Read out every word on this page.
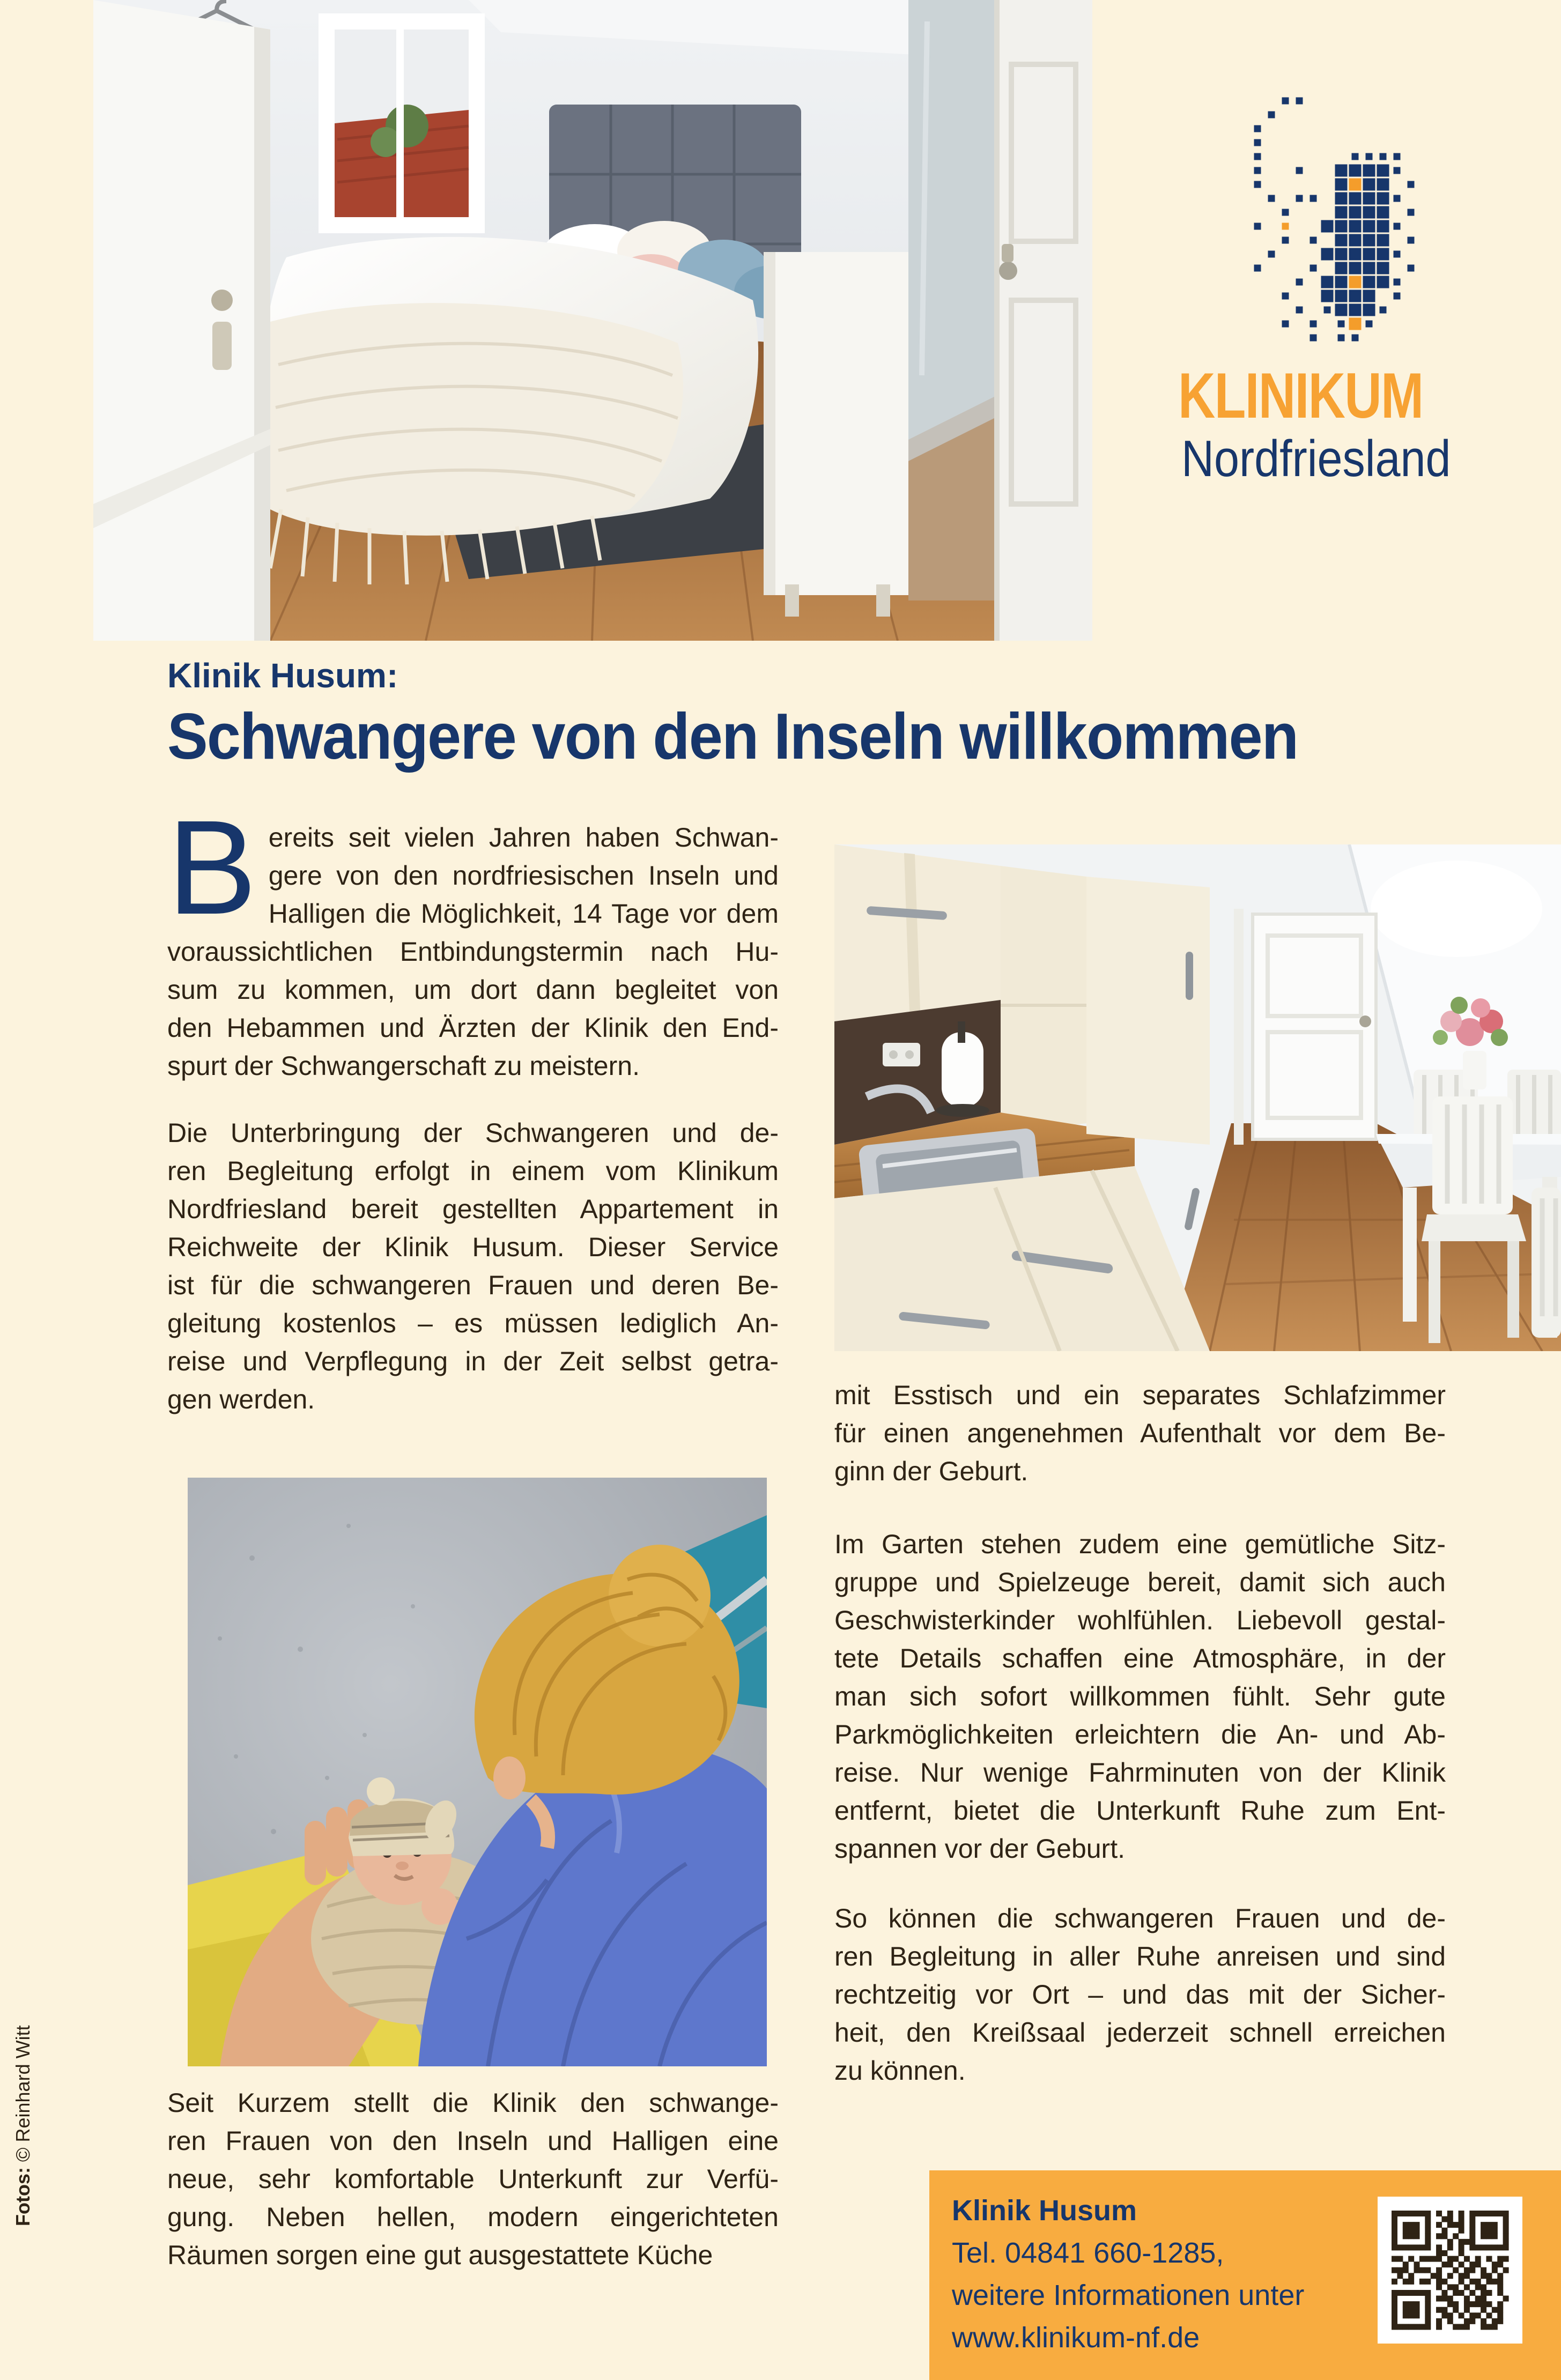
KLINIKUM
Nordfriesland
Klinik Husum:
Schwangere von den Inseln willkommen
B ereits seit vielen Jahren haben Schwan-
gere von den nordfriesischen Inseln und
Halligen die Möglichkeit, 14 Tage vor dem
voraussichtlichen Entbindungstermin nach Hu-
sum zu kommen, um dort dann begleitet von
den Hebammen und Ärzten der Klinik den End-
spurt der Schwangerschaft zu meistern.
Die Unterbringung der Schwangeren und de-
ren Begleitung erfolgt in einem vom Klinikum
Nordfriesland bereit gestellten Appartement in
Reichweite der Klinik Husum. Dieser Service
ist für die schwangeren Frauen und deren Be-
gleitung kostenlos – es müssen lediglich An-
reise und Verpflegung in der Zeit selbst getra-
gen werden.
Seit Kurzem stellt die Klinik den schwange-
ren Frauen von den Inseln und Halligen eine
neue, sehr komfortable Unterkunft zur Verfü-
gung. Neben hellen, modern eingerichteten
Räumen sorgen eine gut ausgestattete Küche
mit Esstisch und ein separates Schlafzimmer
für einen angenehmen Aufenthalt vor dem Be-
ginn der Geburt.
Im Garten stehen zudem eine gemütliche Sitz-
gruppe und Spielzeuge bereit, damit sich auch
Geschwisterkinder wohlfühlen. Liebevoll gestal-
tete Details schaffen eine Atmosphäre, in der
man sich sofort willkommen fühlt. Sehr gute
Parkmöglichkeiten erleichtern die An- und Ab-
reise. Nur wenige Fahrminuten von der Klinik
entfernt, bietet die Unterkunft Ruhe zum Ent-
spannen vor der Geburt.
So können die schwangeren Frauen und de-
ren Begleitung in aller Ruhe anreisen und sind
rechtzeitig vor Ort – und das mit der Sicher-
heit, den Kreißsaal jederzeit schnell erreichen
zu können.
Klinik Husum
Tel. 04841 660-1285,
weitere Informationen unter
www.klinikum-nf.de
Fotos: © Reinhard Witt
